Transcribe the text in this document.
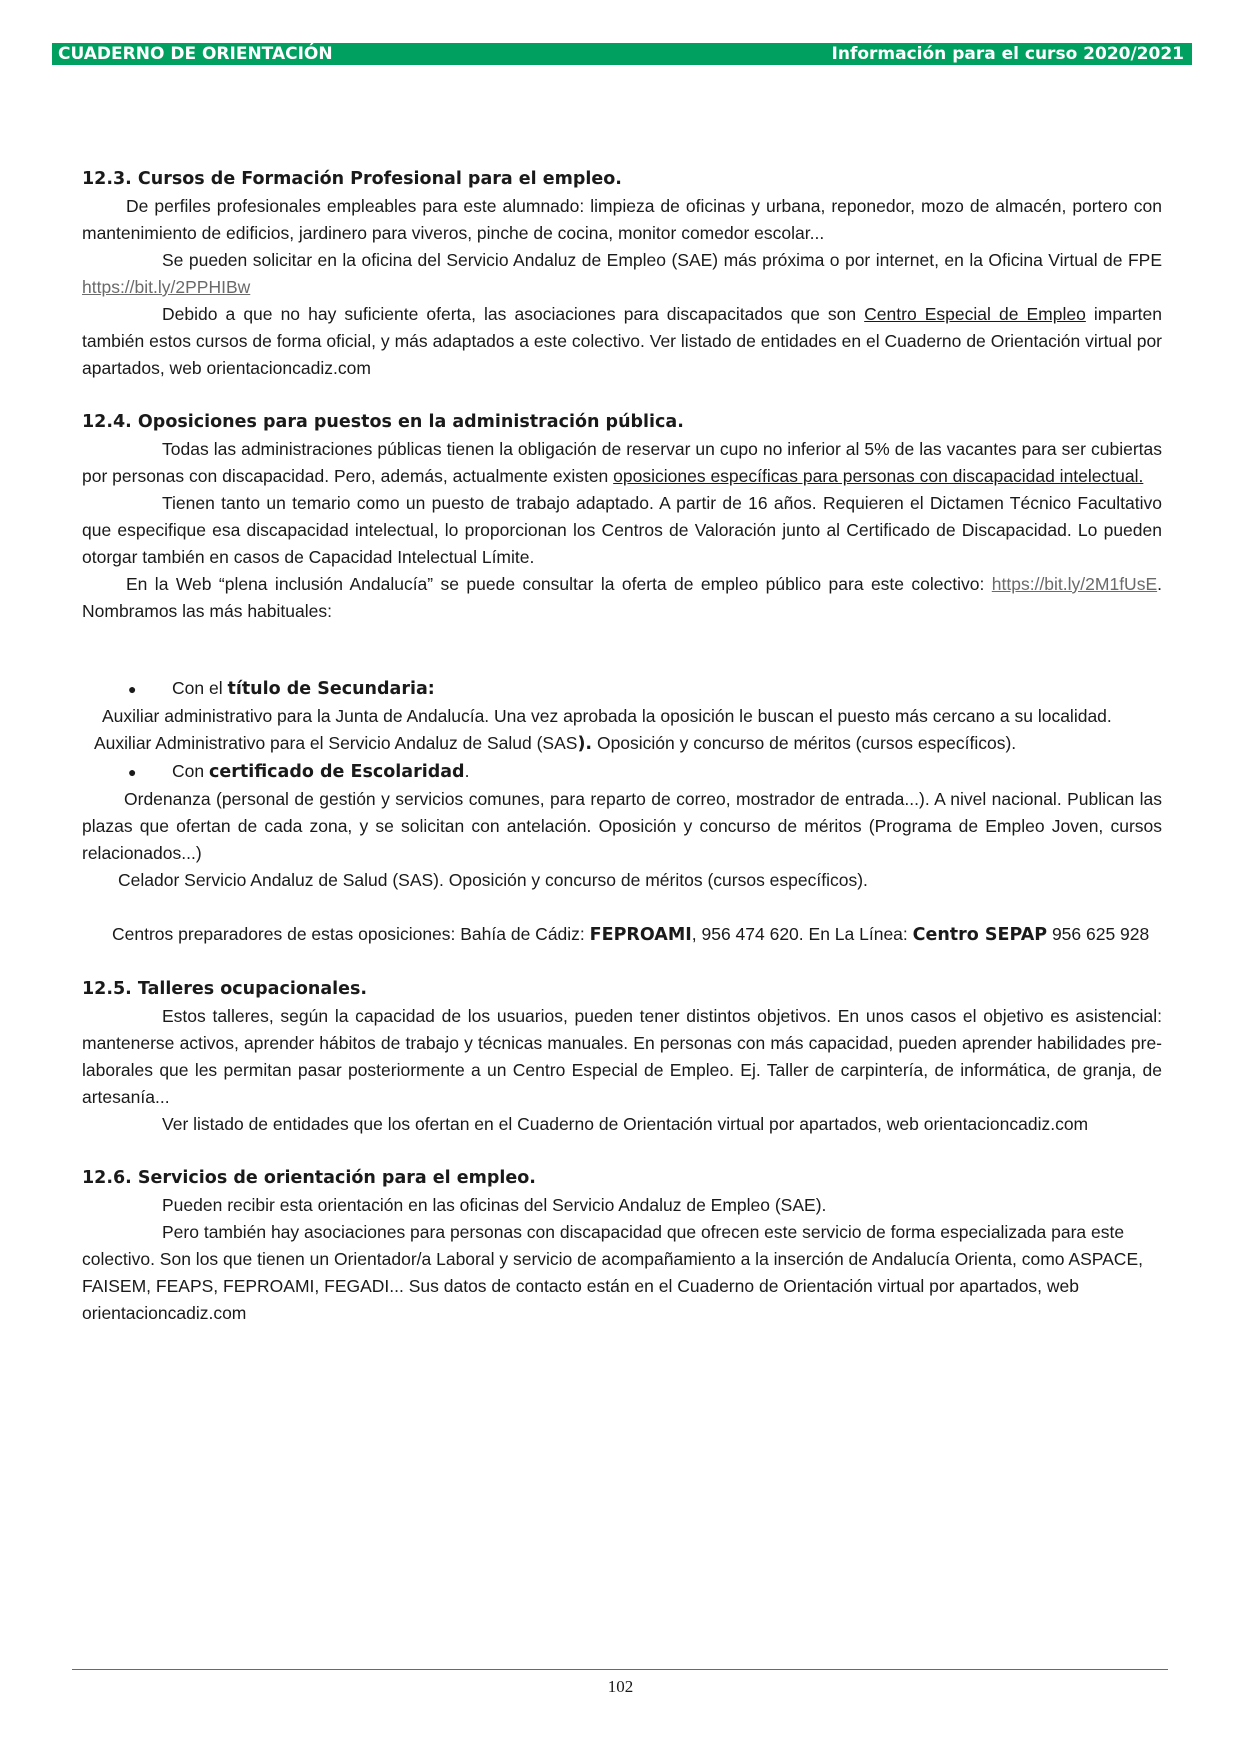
CUADERNO DE ORIENTACIÓN	Información para el curso 2020/2021
12.3. Cursos de Formación Profesional para el empleo.

De perfiles profesionales empleables para este alumnado: limpieza de oficinas y urbana, reponedor, mozo de almacén, portero con mantenimiento de edificios, jardinero para viveros, pinche de cocina, monitor comedor escolar...

Se pueden solicitar en la oficina del Servicio Andaluz de Empleo (SAE) más próxima o por internet, en la Oficina Virtual de FPE https://bit.ly/2PPHIBw

Debido a que no hay suficiente oferta, las asociaciones para discapacitados que son Centro Especial de Empleo imparten también estos cursos de forma oficial, y más adaptados a este colectivo. Ver listado de entidades en el Cuaderno de Orientación virtual por apartados, web orientacioncadiz.com

12.4. Oposiciones para puestos en la administración pública.

Todas las administraciones públicas tienen la obligación de reservar un cupo no inferior al 5% de las vacantes para ser cubiertas por personas con discapacidad. Pero, además, actualmente existen oposiciones específicas para personas con discapacidad intelectual.

Tienen tanto un temario como un puesto de trabajo adaptado. A partir de 16 años. Requieren el Dictamen Técnico Facultativo que especifique esa discapacidad intelectual, lo proporcionan los Centros de Valoración junto al Certificado de Discapacidad. Lo pueden otorgar también en casos de Capacidad Intelectual Límite.

En la Web “plena inclusión Andalucía” se puede consultar la oferta de empleo público para este colectivo: https://bit.ly/2M1fUsE. Nombramos las más habituales:

●	Con el título de Secundaria:

Auxiliar administrativo para la Junta de Andalucía. Una vez aprobada la oposición le buscan el puesto más cercano a su localidad.

Auxiliar Administrativo para el Servicio Andaluz de Salud (SAS). Oposición y concurso de méritos (cursos específicos).

●	Con certificado de Escolaridad.

Ordenanza (personal de gestión y servicios comunes, para reparto de correo, mostrador de entrada...). A nivel nacional. Publican las plazas que ofertan de cada zona, y se solicitan con antelación. Oposición y concurso de méritos (Programa de Empleo Joven, cursos relacionados...)

Celador Servicio Andaluz de Salud (SAS). Oposición y concurso de méritos (cursos específicos).

Centros preparadores de estas oposiciones: Bahía de Cádiz: FEPROAMI, 956 474 620. En La Línea: Centro SEPAP 956 625 928

12.5. Talleres ocupacionales.

Estos talleres, según la capacidad de los usuarios, pueden tener distintos objetivos. En unos casos el objetivo es asistencial: mantenerse activos, aprender hábitos de trabajo y técnicas manuales. En personas con más capacidad, pueden aprender habilidades pre-laborales que les permitan pasar posteriormente a un Centro Especial de Empleo. Ej. Taller de carpintería, de informática, de granja, de artesanía...

Ver listado de entidades que los ofertan en el Cuaderno de Orientación virtual por apartados, web orientacioncadiz.com

12.6. Servicios de orientación para el empleo.

Pueden recibir esta orientación en las oficinas del Servicio Andaluz de Empleo (SAE).

Pero también hay asociaciones para personas con discapacidad que ofrecen este servicio de forma especializada para este colectivo. Son los que tienen un Orientador/a Laboral y servicio de acompañamiento a la inserción de Andalucía Orienta, como ASPACE, FAISEM, FEAPS, FEPROAMI, FEGADI... Sus datos de contacto están en el Cuaderno de Orientación virtual por apartados, web orientacioncadiz.com

102
